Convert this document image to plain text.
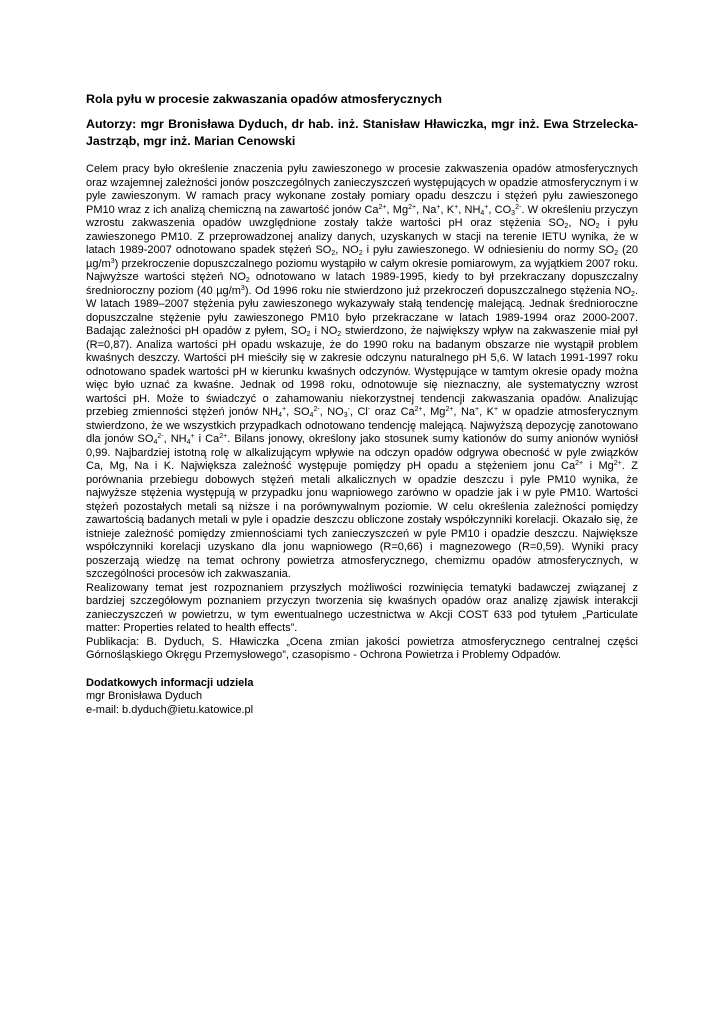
Rola pyłu w procesie zakwaszania opadów atmosferycznych
Autorzy: mgr Bronisława Dyduch, dr hab. inż. Stanisław Hławiczka, mgr inż. Ewa Strzelecka-Jastrząb, mgr inż. Marian Cenowski

Celem pracy było określenie znaczenia pyłu zawieszonego w procesie zakwaszenia opadów atmosferycznych oraz wzajemnej zależności jonów poszczególnych zanieczyszczeń występujących w opadzie atmosferycznym i w pyle zawieszonym. W ramach pracy wykonane zostały pomiary opadu deszczu i stężeń pyłu zawieszonego PM10 wraz z ich analizą chemiczną na zawartość jonów $Ca^{2+}$, $Mg^{2+}$, Na+, K+, $NH_4^+$, $CO_3^{2-}$. W określeniu przyczyn wzrostu zakwaszenia opadów uwzględnione zostały także wartości pH oraz stężenia $SO_2$, $NO_2$ i pyłu zawieszonego PM10. Z przeprowadzonej analizy danych, uzyskanych w stacji na terenie IETU wynika, że w latach 1989-2007 odnotowano spadek stężeń $SO_2$, $NO_2$ i pyłu zawieszonego. W odniesieniu do normy $SO_2$ (20 $\mu g/m^3$) przekroczenie dopuszczalnego poziomu wystąpiło w całym okresie pomiarowym, za wyjątkiem 2007 roku. Najwyższe wartości stężeń $NO_2$ odnotowano w latach 1989-1995, kiedy to był przekraczany dopuszczalny średnioroczny poziom (40 $\mu g/m^3$). Od 1996 roku nie stwierdzono już przekroczeń dopuszczalnego stężenia $NO_2$. W latach 1989–2007 stężenia pyłu zawieszonego wykazywały stałą tendencję malejącą. Jednak średnioroczne dopuszczalne stężenie pyłu zawieszonego PM10 było przekraczane w latach 1989-1994 oraz 2000-2007. Badając zależności pH opadów z pyłem, $SO_2$ i $NO_2$ stwierdzono, że największy wpływ na zakwaszenie miał pył (R=0,87). Analiza wartości pH opadu wskazuje, że do 1990 roku na badanym obszarze nie wystąpił problem kwaśnych deszczy. Wartości pH mieściły się w zakresie odczynu naturalnego pH 5,6. W latach 1991-1997 roku odnotowano spadek wartości pH w kierunku kwaśnych odczynów. Występujące w tamtym okresie opady można więc było uznać za kwaśne. Jednak od 1998 roku, odnotowuje się nieznaczny, ale systematyczny wzrost wartości pH. Może to świadczyć o zahamowaniu niekorzystnej tendencji zakwaszania opadów. Analizując przebieg zmienności stężeń jonów $NH_4^+$, $SO_4^{2-}$, $NO_3^-$, Cl- oraz $Ca^{2+}$, $Mg^{2+}$, Na+, K+ w opadzie atmosferycznym stwierdzono, że we wszystkich przypadkach odnotowano tendencję malejącą. Najwyższą depozycję zanotowano dla jonów $SO_4^{2-}$, $NH_4^+$ i $Ca^{2+}$. Bilans jonowy, określony jako stosunek sumy kationów do sumy anionów wyniósł 0,99. Najbardziej istotną rolę w alkalizującym wpływie na odczyn opadów odgrywa obecność w pyle związków Ca, Mg, Na i K. Największa zależność występuje pomiędzy pH opadu a stężeniem jonu $Ca^{2+}$ i $Mg^{2+}$. Z porównania przebiegu dobowych stężeń metali alkalicznych w opadzie deszczu i pyle PM10 wynika, że najwyższe stężenia występują w przypadku jonu wapniowego zarówno w opadzie jak i w pyle PM10. Wartości stężeń pozostałych metali są niższe i na porównywalnym poziomie. W celu określenia zależności pomiędzy zawartością badanych metali w pyle i opadzie deszczu obliczone zostały współczynniki korelacji. Okazało się, że istnieje zależność pomiędzy zmiennościami tych zanieczyszczeń w pyle PM10 i opadzie deszczu. Największe współczynniki korelacji uzyskano dla jonu wapniowego (R=0,66) i magnezowego (R=0,59). Wyniki pracy poszerzają wiedzę na temat ochrony powietrza atmosferycznego, chemizmu opadów atmosferycznych, w szczególności procesów ich zakwaszania.

Realizowany temat jest rozpoznaniem przyszłych możliwości rozwinięcia tematyki badawczej związanej z bardziej szczegółowym poznaniem przyczyn tworzenia się kwaśnych opadów oraz analizę zjawisk interakcji zanieczyszczeń w powietrzu, w tym ewentualnego uczestnictwa w Akcji COST 633 pod tytułem „Particulate matter: Properties related to health effects”.

Publikacja: B. Dyduch, S. Hławiczka „Ocena zmian jakości powietrza atmosferycznego centralnej części Górnośląskiego Okręgu Przemysłowego”, czasopismo - Ochrona Powietrza i Problemy Odpadów.

Dodatkowych informacji udziela
mgr Bronisława Dyduch
e-mail: b.dyduch@ietu.katowice.pl
